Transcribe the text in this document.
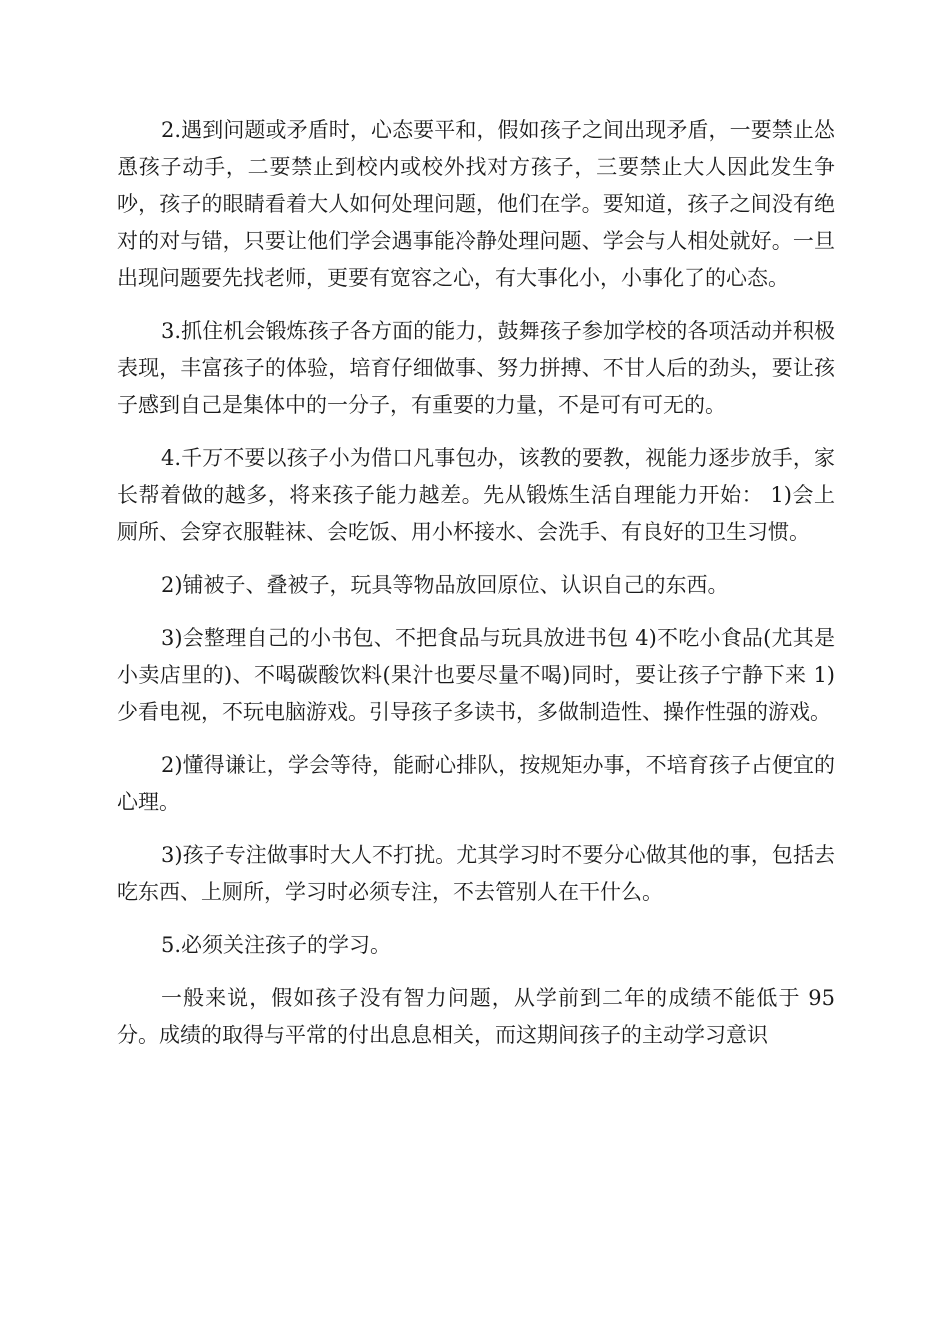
2.遇到问题或矛盾时，心态要平和，假如孩子之间出现矛盾，一要禁止怂恿孩子动手，二要禁止到校内或校外找对方孩子，三要禁止大人因此发生争吵，孩子的眼睛看着大人如何处理问题，他们在学。要知道，孩子之间没有绝对的对与错，只要让他们学会遇事能冷静处理问题、学会与人相处就好。一旦出现问题要先找老师，更要有宽容之心，有大事化小，小事化了的心态。

3.抓住机会锻炼孩子各方面的能力，鼓舞孩子参加学校的各项活动并积极表现，丰富孩子的体验，培育仔细做事、努力拼搏、不甘人后的劲头，要让孩子感到自己是集体中的一分子，有重要的力量，不是可有可无的。

4.千万不要以孩子小为借口凡事包办，该教的要教，视能力逐步放手，家长帮着做的越多，将来孩子能力越差。先从锻炼生活自理能力开始： 1)会上厕所、会穿衣服鞋袜、会吃饭、用小杯接水、会洗手、有良好的卫生习惯。

2)铺被子、叠被子，玩具等物品放回原位、认识自己的东西。

3)会整理自己的小书包、不把食品与玩具放进书包 4)不吃小食品(尤其是小卖店里的)、不喝碳酸饮料(果汁也要尽量不喝)同时，要让孩子宁静下来 1)少看电视，不玩电脑游戏。引导孩子多读书，多做制造性、操作性强的游戏。

2)懂得谦让，学会等待，能耐心排队，按规矩办事，不培育孩子占便宜的心理。

3)孩子专注做事时大人不打扰。尤其学习时不要分心做其他的事，包括去吃东西、上厕所，学习时必须专注，不去管别人在干什么。

5.必须关注孩子的学习。

一般来说，假如孩子没有智力问题，从学前到二年的成绩不能低于 95 分。成绩的取得与平常的付出息息相关，而这期间孩子的主动学习意识
